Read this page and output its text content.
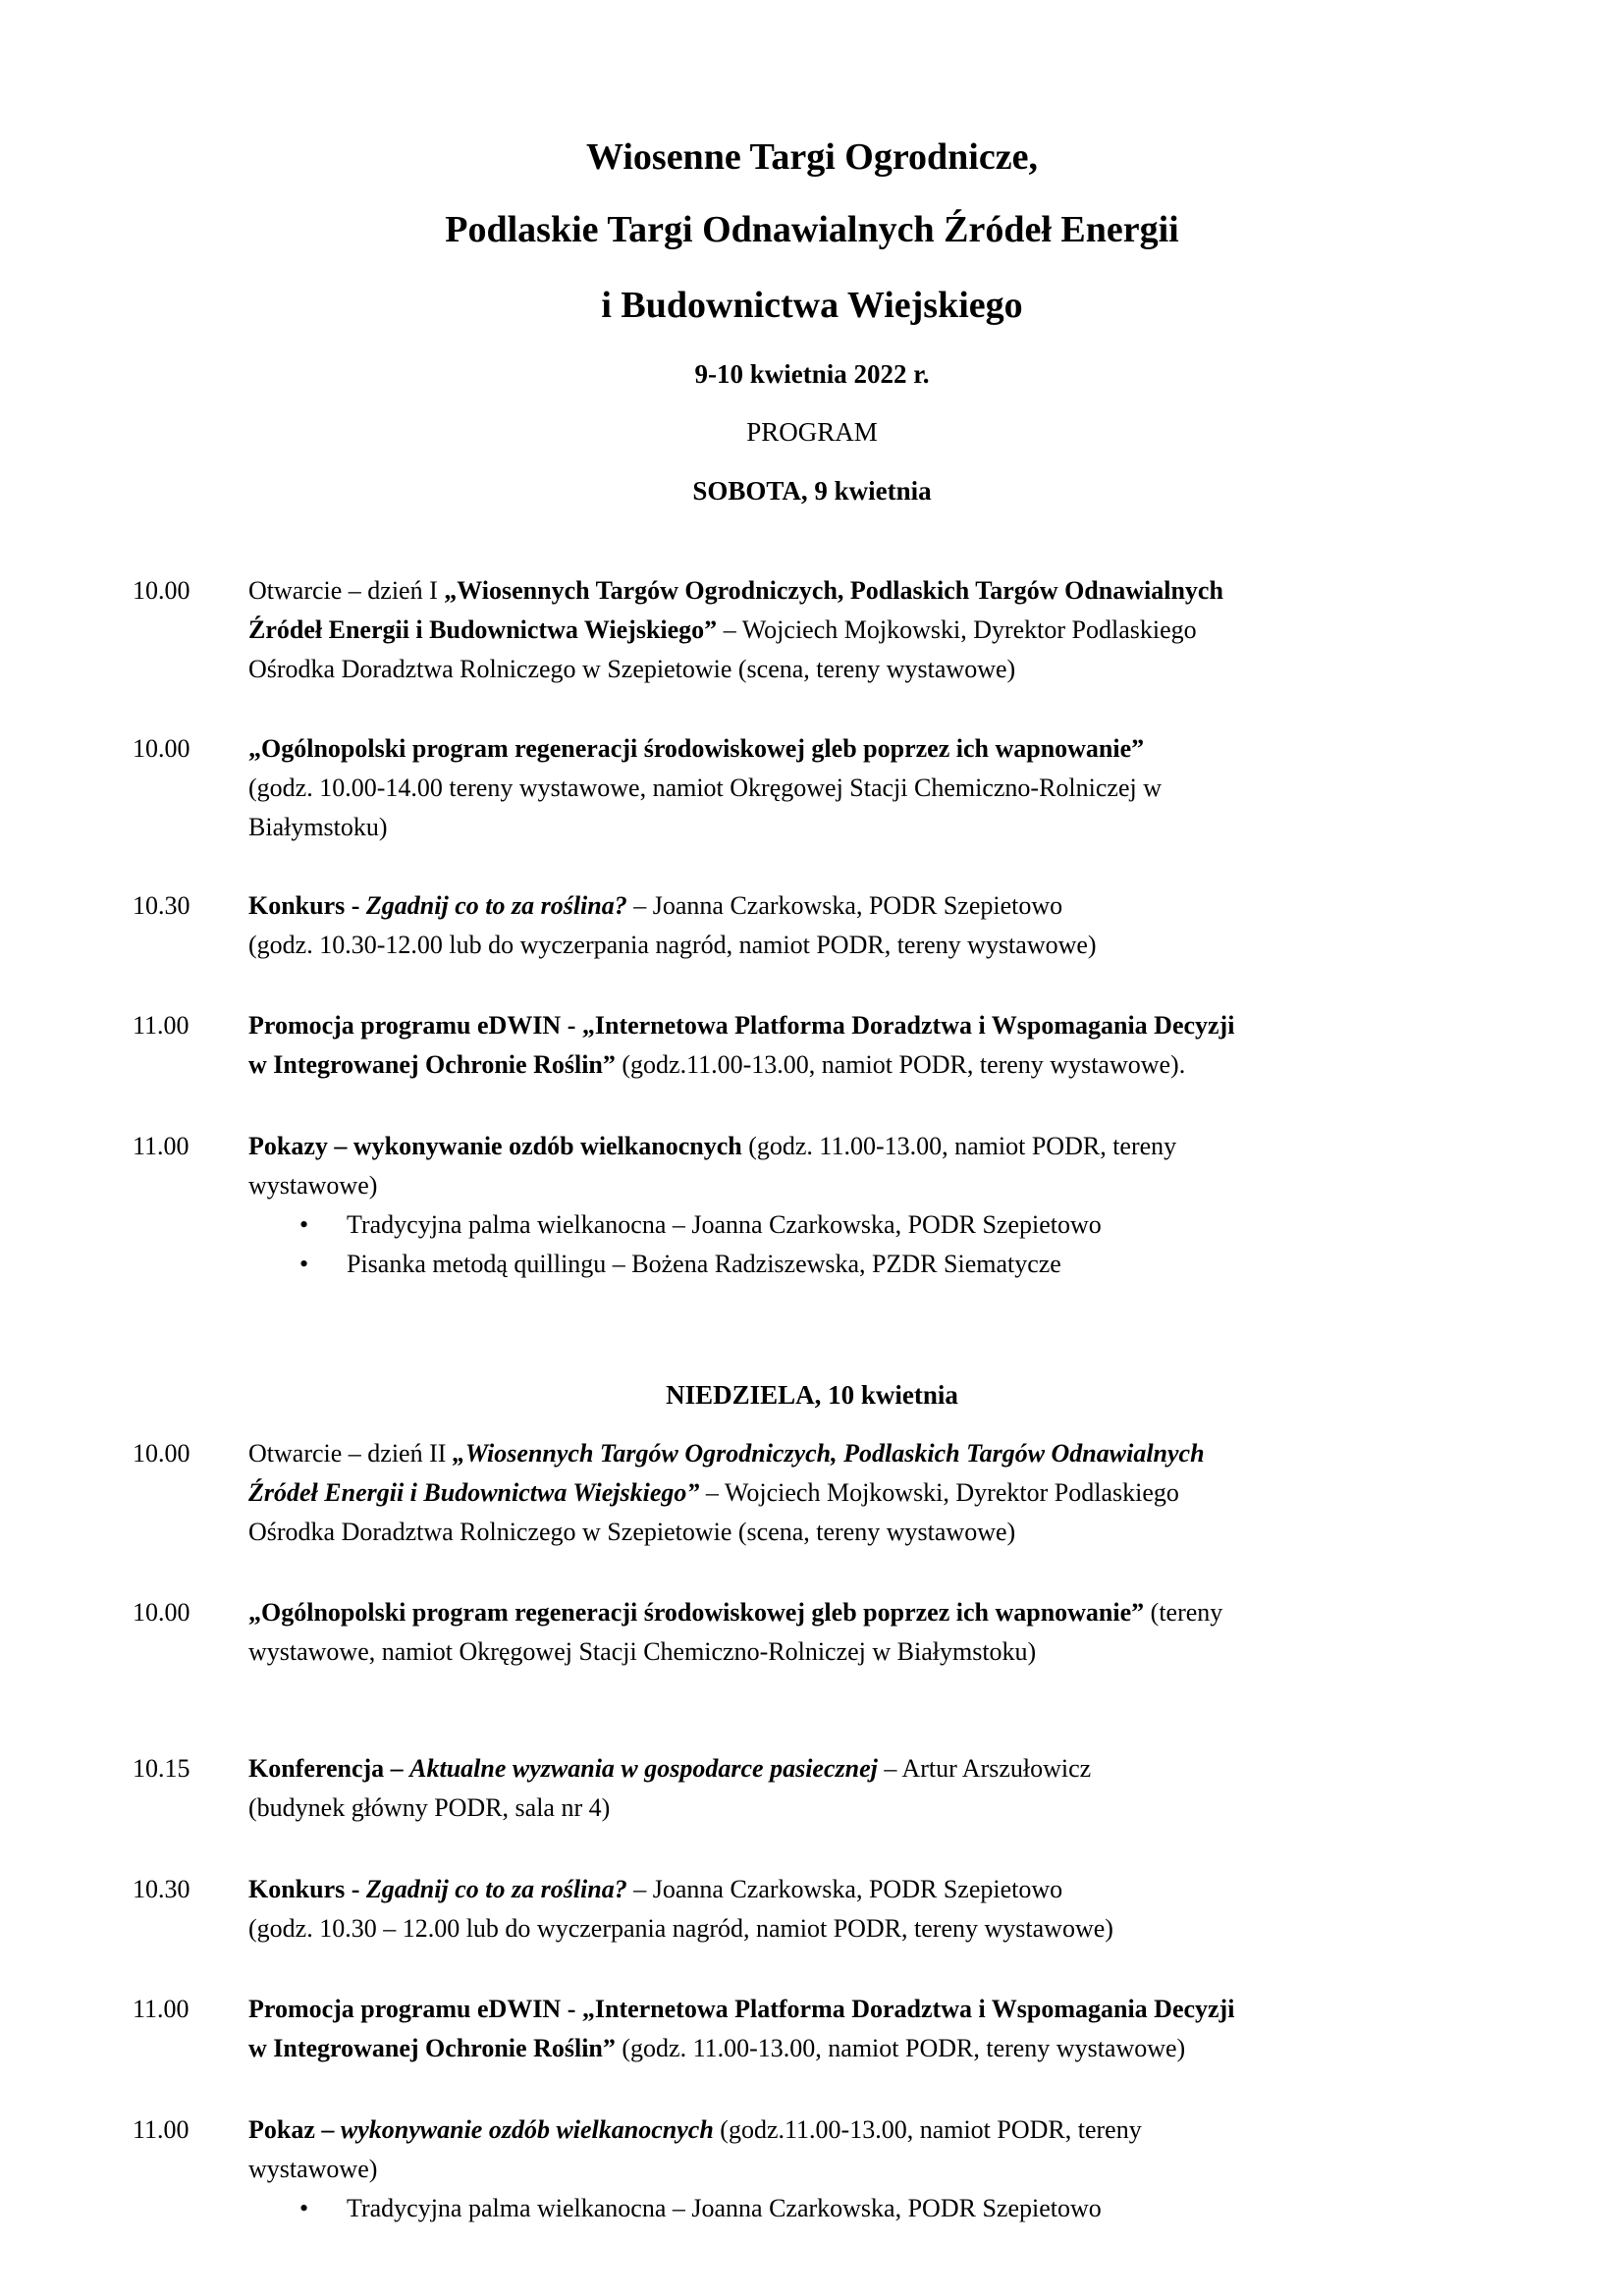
Wiosenne Targi Ogrodnicze,
Podlaskie Targi Odnawialnych Źródeł Energii
i Budownictwa Wiejskiego
9-10 kwietnia 2022 r.
PROGRAM
SOBOTA, 9 kwietnia
10.00 Otwarcie – dzień I „Wiosennych Targów Ogrodniczych, Podlaskich Targów Odnawialnych
Źródeł Energii i Budownictwa Wiejskiego” – Wojciech Mojkowski, Dyrektor Podlaskiego
Ośrodka Doradztwa Rolniczego w Szepietowie (scena, tereny wystawowe)
10.00 „Ogólnopolski program regeneracji środowiskowej gleb poprzez ich wapnowanie”
(godz. 10.00-14.00 tereny wystawowe, namiot Okręgowej Stacji Chemiczno-Rolniczej w
Białymstoku)
10.30 Konkurs - Zgadnij co to za roślina? – Joanna Czarkowska, PODR Szepietowo
(godz. 10.30-12.00 lub do wyczerpania nagród, namiot PODR, tereny wystawowe)
11.00 Promocja programu eDWIN - „Internetowa Platforma Doradztwa i Wspomagania Decyzji
w Integrowanej Ochronie Roślin” (godz.11.00-13.00, namiot PODR, tereny wystawowe).
11.00 Pokazy – wykonywanie ozdób wielkanocnych (godz. 11.00-13.00, namiot PODR, tereny
wystawowe)
• Tradycyjna palma wielkanocna – Joanna Czarkowska, PODR Szepietowo
• Pisanka metodą quillingu – Bożena Radziszewska, PZDR Siematycze
NIEDZIELA, 10 kwietnia
10.00 Otwarcie – dzień II „Wiosennych Targów Ogrodniczych, Podlaskich Targów Odnawialnych
Źródeł Energii i Budownictwa Wiejskiego” – Wojciech Mojkowski, Dyrektor Podlaskiego
Ośrodka Doradztwa Rolniczego w Szepietowie (scena, tereny wystawowe)
10.00 „Ogólnopolski program regeneracji środowiskowej gleb poprzez ich wapnowanie” (tereny
wystawowe, namiot Okręgowej Stacji Chemiczno-Rolniczej w Białymstoku)
10.15 Konferencja – Aktualne wyzwania w gospodarce pasiecznej – Artur Arszułowicz
(budynek główny PODR, sala nr 4)
10.30 Konkurs - Zgadnij co to za roślina? – Joanna Czarkowska, PODR Szepietowo
(godz. 10.30 – 12.00 lub do wyczerpania nagród, namiot PODR, tereny wystawowe)
11.00 Promocja programu eDWIN - „Internetowa Platforma Doradztwa i Wspomagania Decyzji
w Integrowanej Ochronie Roślin” (godz. 11.00-13.00, namiot PODR, tereny wystawowe)
11.00 Pokaz – wykonywanie ozdób wielkanocnych (godz.11.00-13.00, namiot PODR, tereny
wystawowe)
• Tradycyjna palma wielkanocna – Joanna Czarkowska, PODR Szepietowo
